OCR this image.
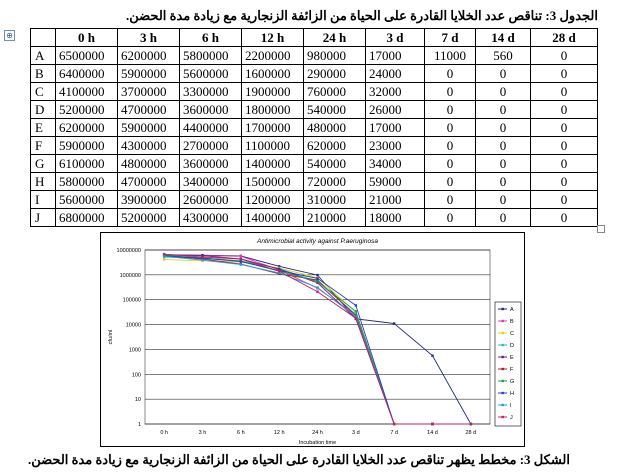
الجدول 3: تناقص عدد الخلايا القادرة على الحياة من الزائفة الزنجارية مع زيادة مدة الحضن.
⊕
		0 h	3 h	6 h	12 h	24 h	3 d	7 d	14 d	28 d
A	6500000	6200000	5800000	2200000	980000	17000	11000	560	0
B	6400000	5900000	5600000	1600000	290000	24000	0	0	0
C	4100000	3700000	3300000	1900000	760000	32000	0	0	0
D	5200000	4700000	3600000	1800000	540000	26000	0	0	0
E	6200000	5900000	4400000	1700000	480000	17000	0	0	0
F	5900000	4300000	2700000	1100000	620000	23000	0	0	0
G	6100000	4800000	3600000	1400000	540000	34000	0	0	0
H	5800000	4700000	3400000	1500000	720000	59000	0	0	0
I	5600000	3900000	2600000	1200000	310000	21000	0	0	0
J	6800000	5200000	4300000	1400000	210000	18000	0	0	0
1
10
100
1000
10000
100000
1000000
10000000
0 h	3 h	6 h	12 h	24 h	3 d	7 d	14 d	28 d
Antimicrobial activity against P.aeruginosa
Incubation time
cfu/ml
A
B
C
D
E
F
G
H
I
J
الشكل 3: مخطط يظهر تناقص عدد الخلايا القادرة على الحياة من الزائفة الزنجارية مع زيادة مدة الحضن.
